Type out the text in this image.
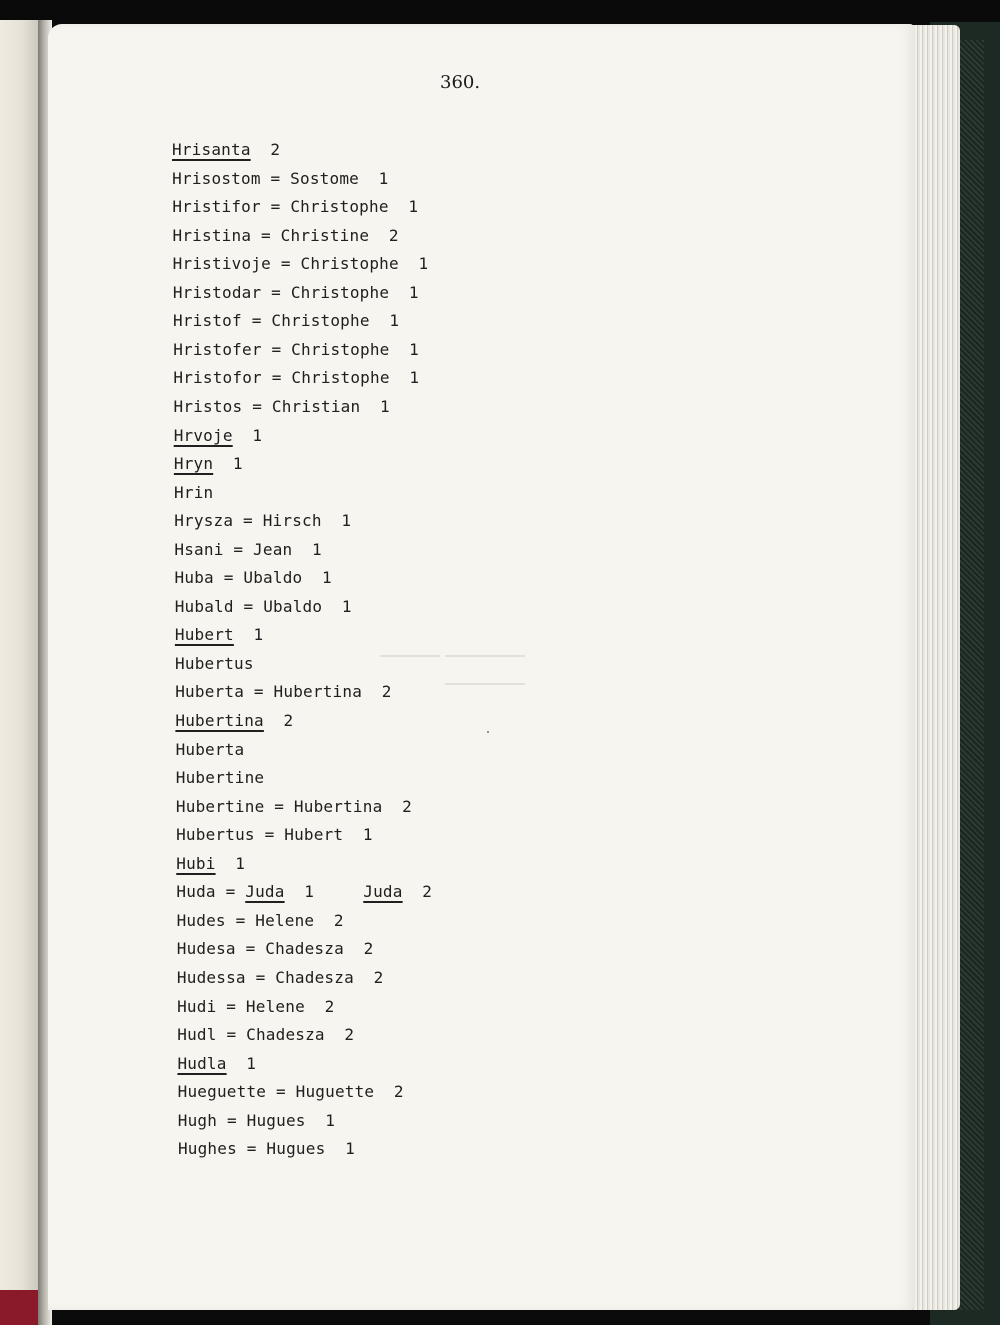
360.
Hrisanta  2
Hrisostom = Sostome  1
Hristifor = Christophe  1
Hristina = Christine  2
Hristivoje = Christophe  1
Hristodar = Christophe  1
Hristof = Christophe  1
Hristofer = Christophe  1
Hristofor = Christophe  1
Hristos = Christian  1
Hrvoje  1
Hryn  1
Hrin
Hrysza = Hirsch  1
Hsani = Jean  1
Huba = Ubaldo  1
Hubald = Ubaldo  1
Hubert  1
Hubertus
Huberta = Hubertina  2
Hubertina  2
Huberta
Hubertine
Hubertine = Hubertina  2
Hubertus = Hubert  1
Hubi  1
Huda = Juda  1     Juda  2
Hudes = Helene  2
Hudesa = Chadesza  2
Hudessa = Chadesza  2
Hudi = Helene  2
Hudl = Chadesza  2
Hudla  1
Hueguette = Huguette  2
Hugh = Hugues  1
Hughes = Hugues  1
